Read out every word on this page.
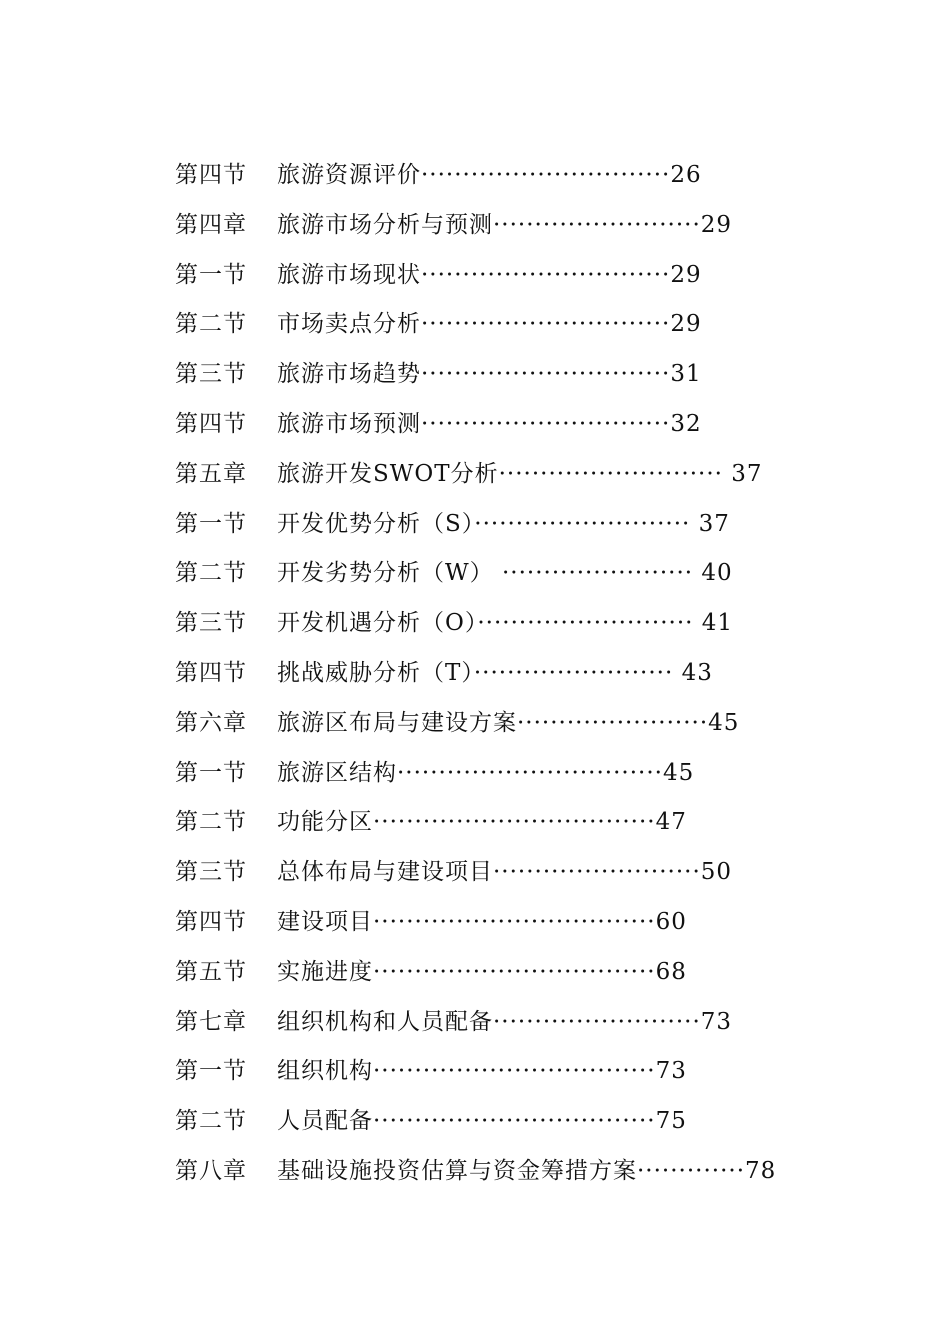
第四节 旅游资源评价······························26
第四章 旅游市场分析与预测·························29
第一节 旅游市场现状······························29
第二节 市场卖点分析······························29
第三节 旅游市场趋势······························31
第四节 旅游市场预测······························32
第五章 旅游开发SWOT分析··························· 37
第一节 开发优势分析（S）·························· 37
第二节 开发劣势分析（W） ······················· 40
第三节 开发机遇分析（O）·························· 41
第四节 挑战威胁分析（T）························ 43
第六章 旅游区布局与建设方案·······················45
第一节 旅游区结构································45
第二节 功能分区··································47
第三节 总体布局与建设项目·························50
第四节 建设项目··································60
第五节 实施进度··································68
第七章 组织机构和人员配备·························73
第一节 组织机构··································73
第二节 人员配备··································75
第八章 基础设施投资估算与资金筹措方案·············78
